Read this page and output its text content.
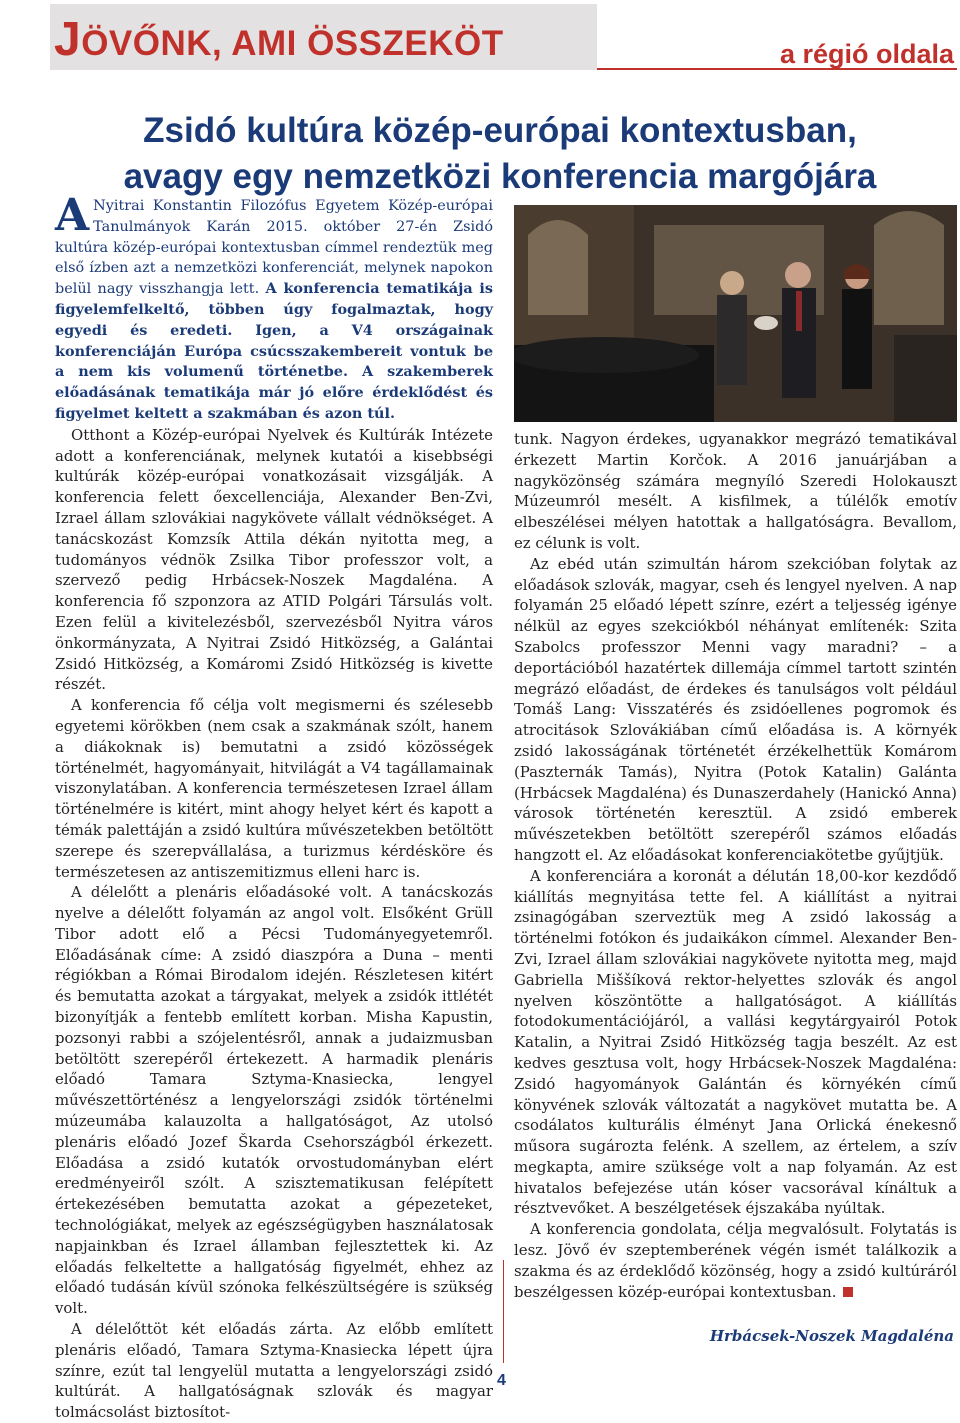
JÖVŐNK, AMI ÖSSZEKÖT	a régió oldala
Zsidó kultúra közép-európai kontextusban,
avagy egy nemzetközi konferencia margójára

A Nyitrai Konstantin Filozófus Egyetem Közép-európai Tanulmányok Karán 2015. október 27-én Zsidó kultúra közép-európai kontextusban címmel rendeztük meg első ízben azt a nemzetközi konferenciát, melynek napokon belül nagy visszhangja lett. A konferencia tematikája is figyelemfelkeltő, többen úgy fogalmaztak, hogy egyedi és eredeti. Igen, a V4 országainak konferenciáján Európa csúcsszakembereit vontuk be a nem kis volumenű történetbe. A szakemberek előadásának tematikája már jó előre érdeklődést és figyelmet keltett a szakmában és azon túl.

Otthont a Közép-európai Nyelvek és Kultúrák Intézete adott a konferenciának, melynek kutatói a kisebbségi kultúrák közép-európai vonatkozásait vizsgálják. A konferencia felett őexcellenciája, Alexander Ben-Zvi, Izrael állam szlovákiai nagykövete vállalt védnökséget. A tanácskozást Komzsík Attila dékán nyitotta meg, a tudományos védnök Zsilka Tibor professzor volt, a szervező pedig Hrbácsek-Noszek Magdaléna. A konferencia fő szponzora az ATID Polgári Társulás volt. Ezen felül a kivitelezésből, szervezésből Nyitra város önkormányzata, A Nyitrai Zsidó Hitközség, a Galántai Zsidó Hitközség, a Komáromi Zsidó Hitközség is kivette részét.

A konferencia fő célja volt megismerni és szélesebb egyetemi körökben (nem csak a szakmának szólt, hanem a diákoknak is) bemutatni a zsidó közösségek történelmét, hagyományait, hitvilágát a V4 tagállamainak viszonylatában. A konferencia természetesen Izrael állam történelmére is kitért, mint ahogy helyet kért és kapott a témák palettáján a zsidó kultúra művészetekben betöltött szerepe és szerepvállalása, a turizmus kérdésköre és természetesen az antiszemitizmus elleni harc is.

A délelőtt a plenáris előadásoké volt. A tanácskozás nyelve a délelőtt folyamán az angol volt. Elsőként Grüll Tibor adott elő a Pécsi Tudományegyetemről. Előadásának címe: A zsidó diaszpóra a Duna – menti régiókban a Római Birodalom idején. Részletesen kitért és bemutatta azokat a tárgyakat, melyek a zsidók ittlétét bizonyítják a fentebb említett korban. Misha Kapustin, pozsonyi rabbi a szójelentésről, annak a judaizmusban betöltött szerepéről értekezett. A harmadik plenáris előadó Tamara Sztyma-Knasiecka, lengyel művészettörténész a lengyelországi zsidók történelmi múzeumába kalauzolta a hallgatóságot, Az utolsó plenáris előadó Jozef Škarda Csehországból érkezett. Előadása a zsidó kutatók orvostudományban elért eredményeiről szólt. A szisztematikusan felépített értekezésében bemutatta azokat a gépezeteket, technológiákat, melyek az egészségügyben használatosak napjainkban és Izrael államban fejlesztettek ki. Az előadás felkeltette a hallgatóság figyelmét, ehhez az előadó tudásán kívül szónoka felkészültségére is szükség volt.

A délelőttöt két előadás zárta. Az előbb említett plenáris előadó, Tamara Sztyma-Knasiecka lépett újra színre, ezút tal lengyelül mutatta a lengyelországi zsidó kultúrát. A hallgatóságnak szlovák és magyar tolmácsolást biztosítot-

tunk. Nagyon érdekes, ugyanakkor megrázó tematikával érkezett Martin Korčok. A 2016 januárjában a nagyközönség számára megnyíló Szeredi Holokauszt Múzeumról mesélt. A kisfilmek, a túlélők emotív elbeszélései mélyen hatottak a hallgatóságra. Bevallom, ez célunk is volt.

Az ebéd után szimultán három szekcióban folytak az előadások szlovák, magyar, cseh és lengyel nyelven. A nap folyamán 25 előadó lépett színre, ezért a teljesség igénye nélkül az egyes szekciókból néhányat említenék: Szita Szabolcs professzor Menni vagy maradni? – a deportációból hazatértek dillemája címmel tartott szintén megrázó előadást, de érdekes és tanulságos volt például Tomáš Lang: Visszatérés és zsidóellenes pogromok és atrocitások Szlovákiában című előadása is. A környék zsidó lakosságának történetét érzékelhettük Komárom (Paszternák Tamás), Nyitra (Potok Katalin) Galánta (Hrbácsek Magdaléna) és Dunaszerdahely (Hanickó Anna) városok történetén keresztül. A zsidó emberek művészetekben betöltött szerepéről számos előadás hangzott el. Az előadásokat konferenciakötetbe gyűjtjük.

A konferenciára a koronát a délután 18,00-kor kezdődő kiállítás megnyitása tette fel. A kiállítást a nyitrai zsinagógában szerveztük meg A zsidó lakosság a történelmi fotókon és judaikákon címmel. Alexander Ben-Zvi, Izrael állam szlovákiai nagykövete nyitotta meg, majd Gabriella Miššíková rektor-helyettes szlovák és angol nyelven köszöntötte a hallgatóságot. A kiállítás fotodokumentációjáról, a vallási kegytárgyairól Potok Katalin, a Nyitrai Zsidó Hitközség tagja beszélt. Az est kedves gesztusa volt, hogy Hrbácsek-Noszek Magdaléna: Zsidó hagyományok Galántán és környékén című könyvének szlovák változatát a nagykövet mutatta be. A csodálatos kulturális élményt Jana Orlická énekesnő műsora sugározta felénk. A szellem, az értelem, a szív megkapta, amire szüksége volt a nap folyamán. Az est hivatalos befejezése után kóser vacsorával kínáltuk a résztvevőket. A beszélgetések éjszakába nyúltak.

A konferencia gondolata, célja megvalósult. Folytatás is lesz. Jövő év szeptemberének végén ismét találkozik a szakma és az érdeklődő közönség, hogy a zsidó kultúráról beszélgessen közép-európai kontextusban.

Hrbácsek-Noszek Magdaléna
4
